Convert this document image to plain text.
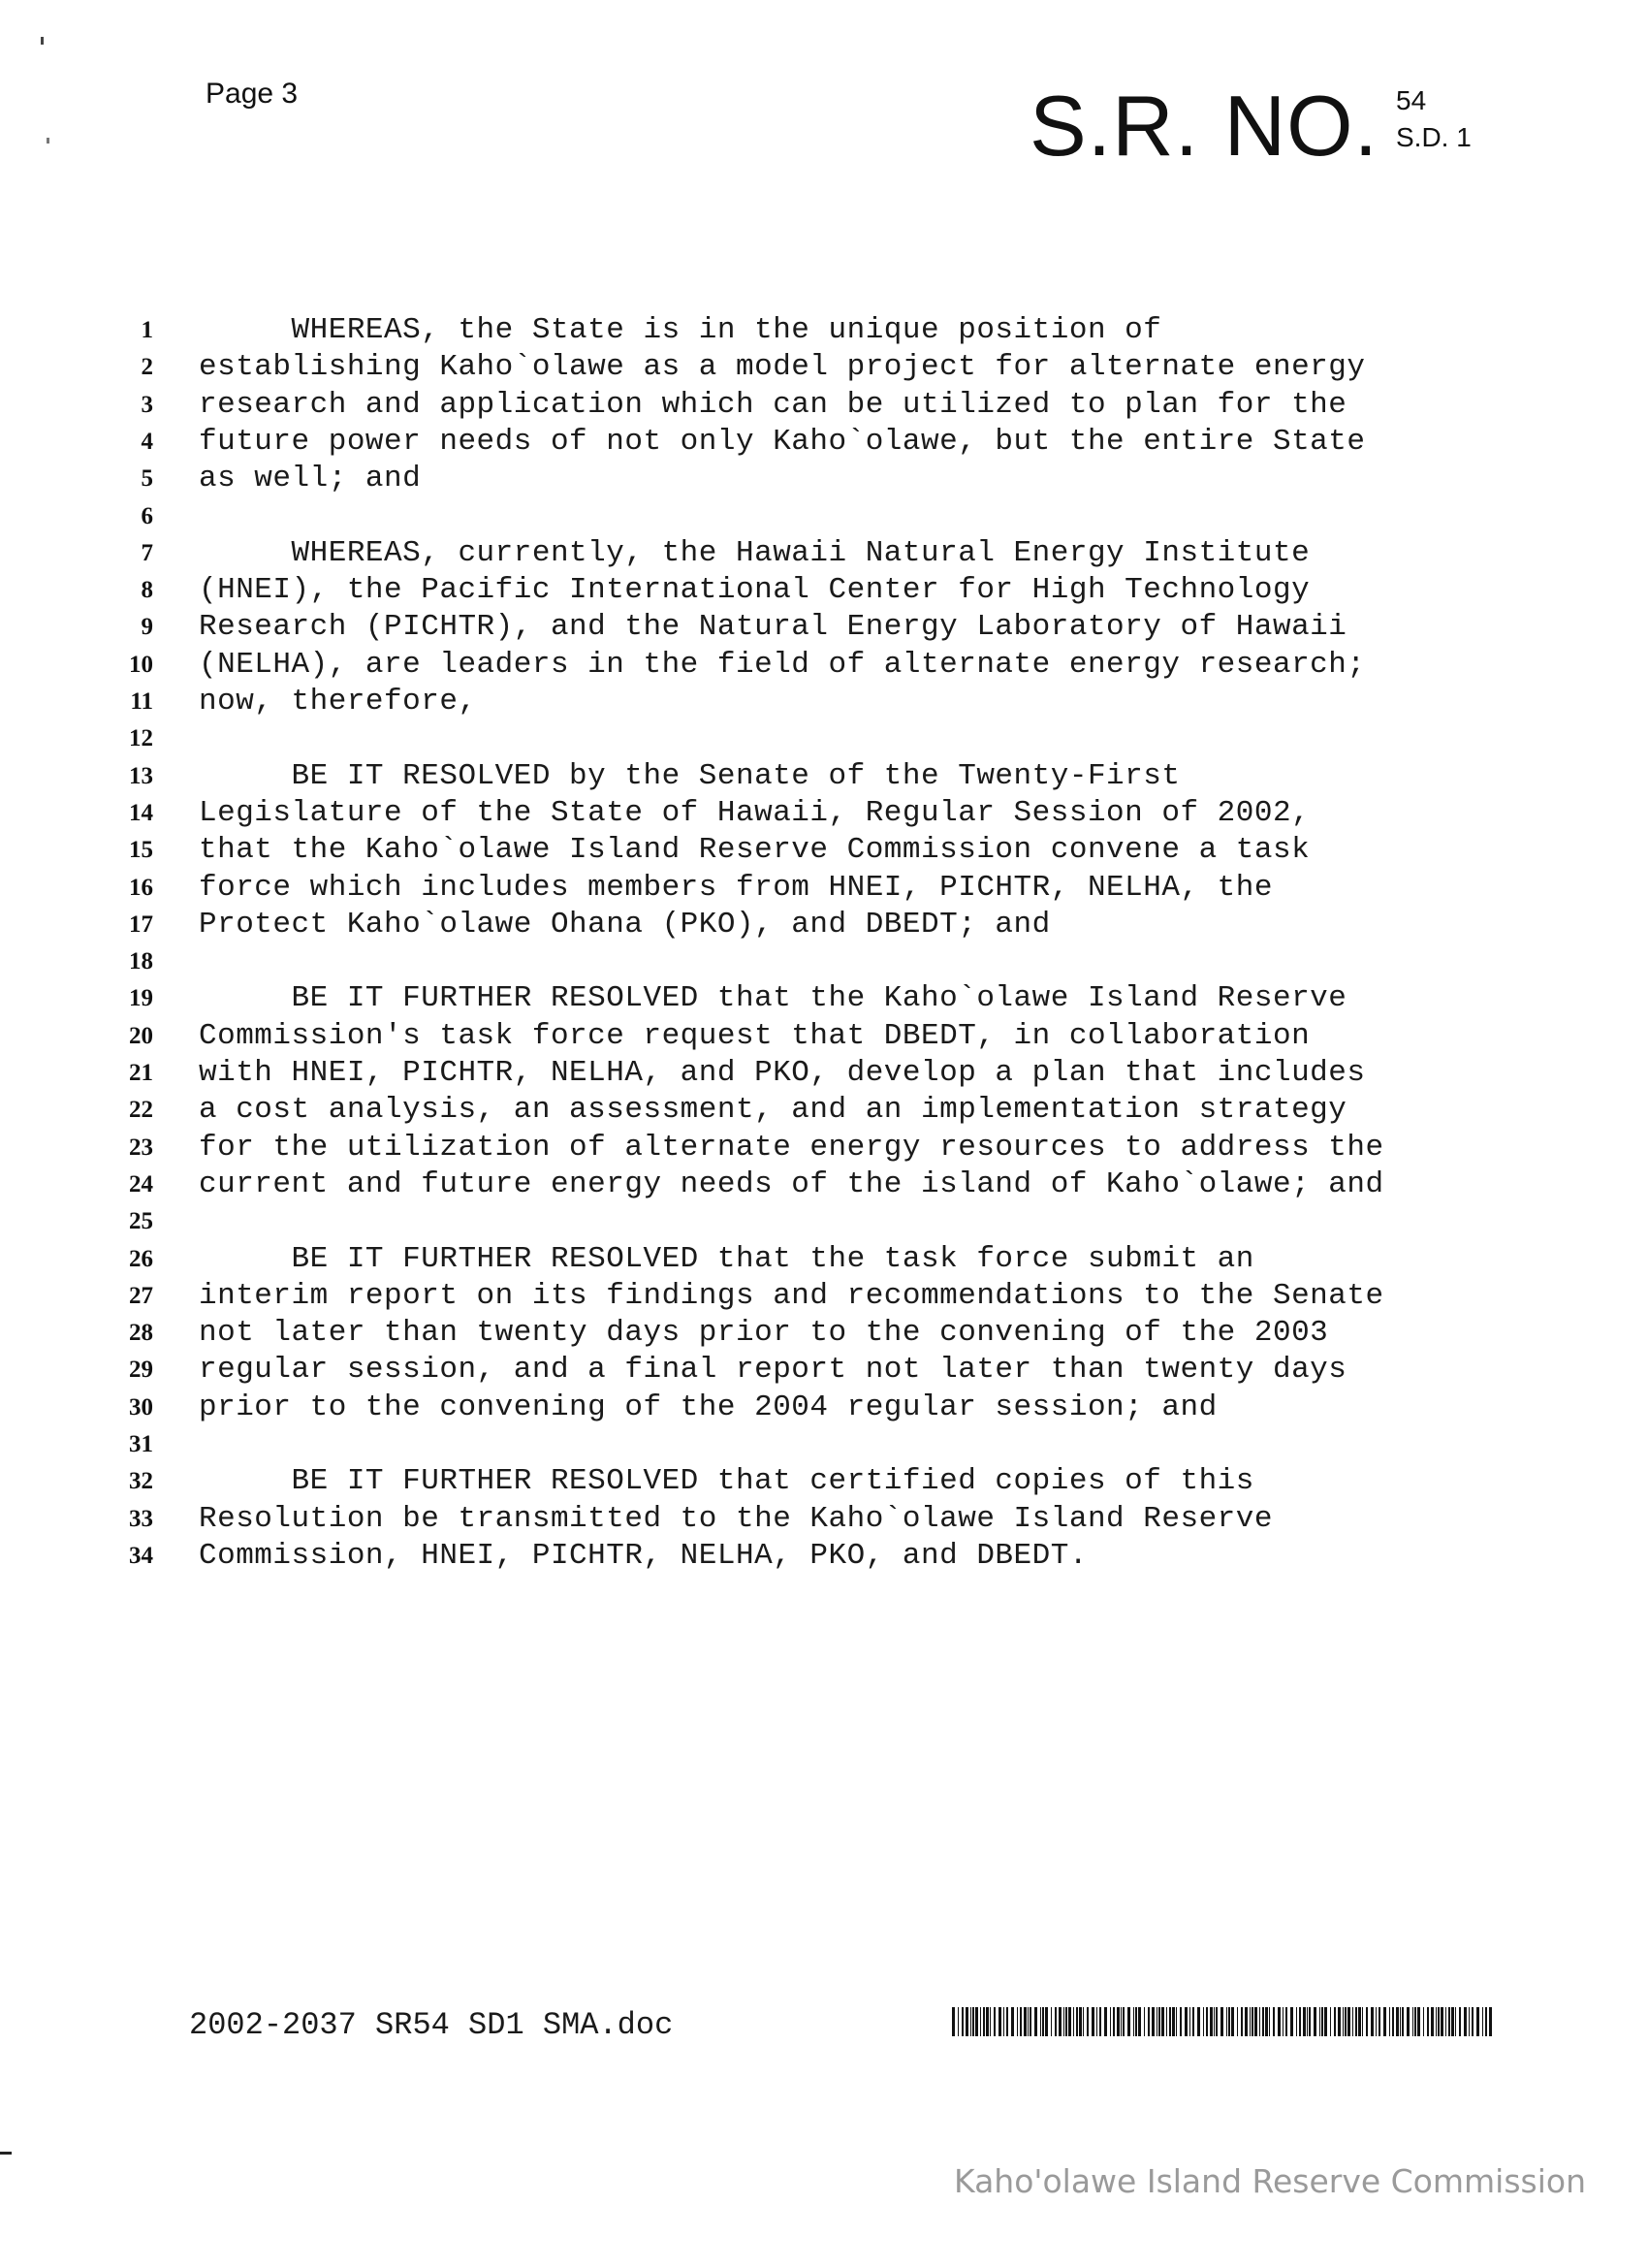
Page 3	S.R. NO. 54
S.D. 1
1 WHEREAS, the State is in the unique position of
2 establishing Kaho`olawe as a model project for alternate energy
3 research and application which can be utilized to plan for the
4 future power needs of not only Kaho`olawe, but the entire State
5 as well; and
6
7 WHEREAS, currently, the Hawaii Natural Energy Institute
8 (HNEI), the Pacific International Center for High Technology
9 Research (PICHTR), and the Natural Energy Laboratory of Hawaii
10 (NELHA), are leaders in the field of alternate energy research;
11 now, therefore,
12
13 BE IT RESOLVED by the Senate of the Twenty-First
14 Legislature of the State of Hawaii, Regular Session of 2002,
15 that the Kaho`olawe Island Reserve Commission convene a task
16 force which includes members from HNEI, PICHTR, NELHA, the
17 Protect Kaho`olawe Ohana (PKO), and DBEDT; and
18
19 BE IT FURTHER RESOLVED that the Kaho`olawe Island Reserve
20 Commission's task force request that DBEDT, in collaboration
21 with HNEI, PICHTR, NELHA, and PKO, develop a plan that includes
22 a cost analysis, an assessment, and an implementation strategy
23 for the utilization of alternate energy resources to address the
24 current and future energy needs of the island of Kaho`olawe; and
25
26 BE IT FURTHER RESOLVED that the task force submit an
27 interim report on its findings and recommendations to the Senate
28 not later than twenty days prior to the convening of the 2003
29 regular session, and a final report not later than twenty days
30 prior to the convening of the 2004 regular session; and
31
32 BE IT FURTHER RESOLVED that certified copies of this
33 Resolution be transmitted to the Kaho`olawe Island Reserve
34 Commission, HNEI, PICHTR, NELHA, PKO, and DBEDT.
2002-2037 SR54 SD1 SMA.doc
Kaho'olawe Island Reserve Commission
